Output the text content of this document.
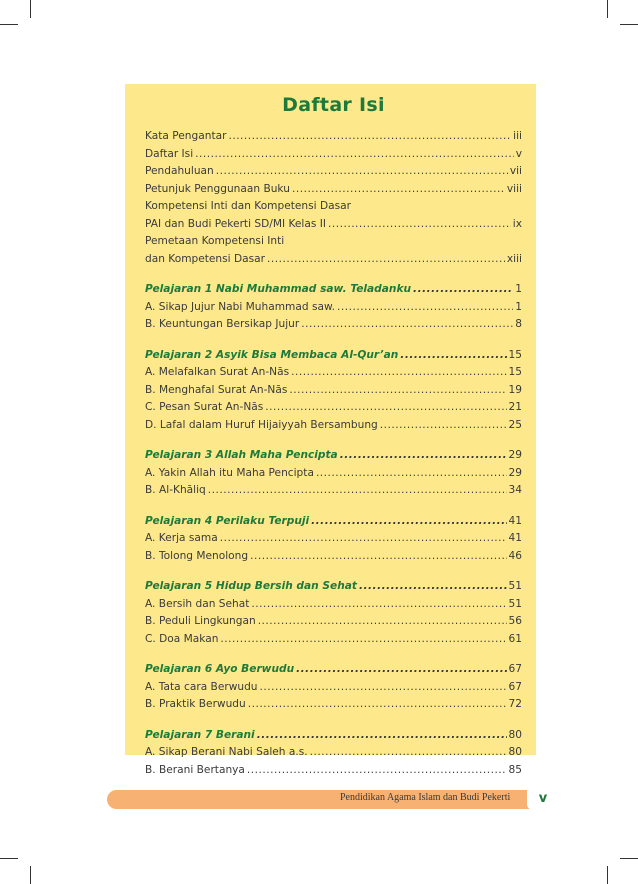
Daftar Isi
Kata Pengantar .....	iii
Daftar Isi .....	v
Pendahuluan .....	vii
Petunjuk Penggunaan Buku .....	viii
Kompetensi Inti dan Kompetensi Dasar
PAI dan Budi Pekerti SD/MI Kelas II .....	ix
Pemetaan Kompetensi Inti
dan Kompetensi Dasar .....	xiii
Pelajaran 1 Nabi Muhammad saw. Teladanku .....	1
A. Sikap Jujur Nabi Muhammad saw. .....	1
B. Keuntungan Bersikap Jujur .....	8
Pelajaran 2 Asyik Bisa Membaca Al-Qur’an .....	15
A. Melafalkan Surat An-Nās .....	15
B. Menghafal Surat An-Nās .....	19
C. Pesan Surat An-Nās .....	21
D. Lafal dalam Huruf Hijaiyyah Bersambung .....	25
Pelajaran 3 Allah Maha Pencipta .....	29
A. Yakin Allah itu Maha Pencipta .....	29
B. Al-Khāliq .....	34
Pelajaran 4 Perilaku Terpuji .....	41
A. Kerja sama .....	41
B. Tolong Menolong .....	46
Pelajaran 5 Hidup Bersih dan Sehat .....	51
A. Bersih dan Sehat .....	51
B. Peduli Lingkungan .....	56
C. Doa Makan .....	61
Pelajaran 6 Ayo Berwudu .....	67
A. Tata cara Berwudu .....	67
B. Praktik Berwudu .....	72
Pelajaran 7 Berani .....	80
A. Sikap Berani Nabi Saleh a.s. .....	80
B. Berani Bertanya .....	85
Pendidikan Agama Islam dan Budi Pekerti	v
